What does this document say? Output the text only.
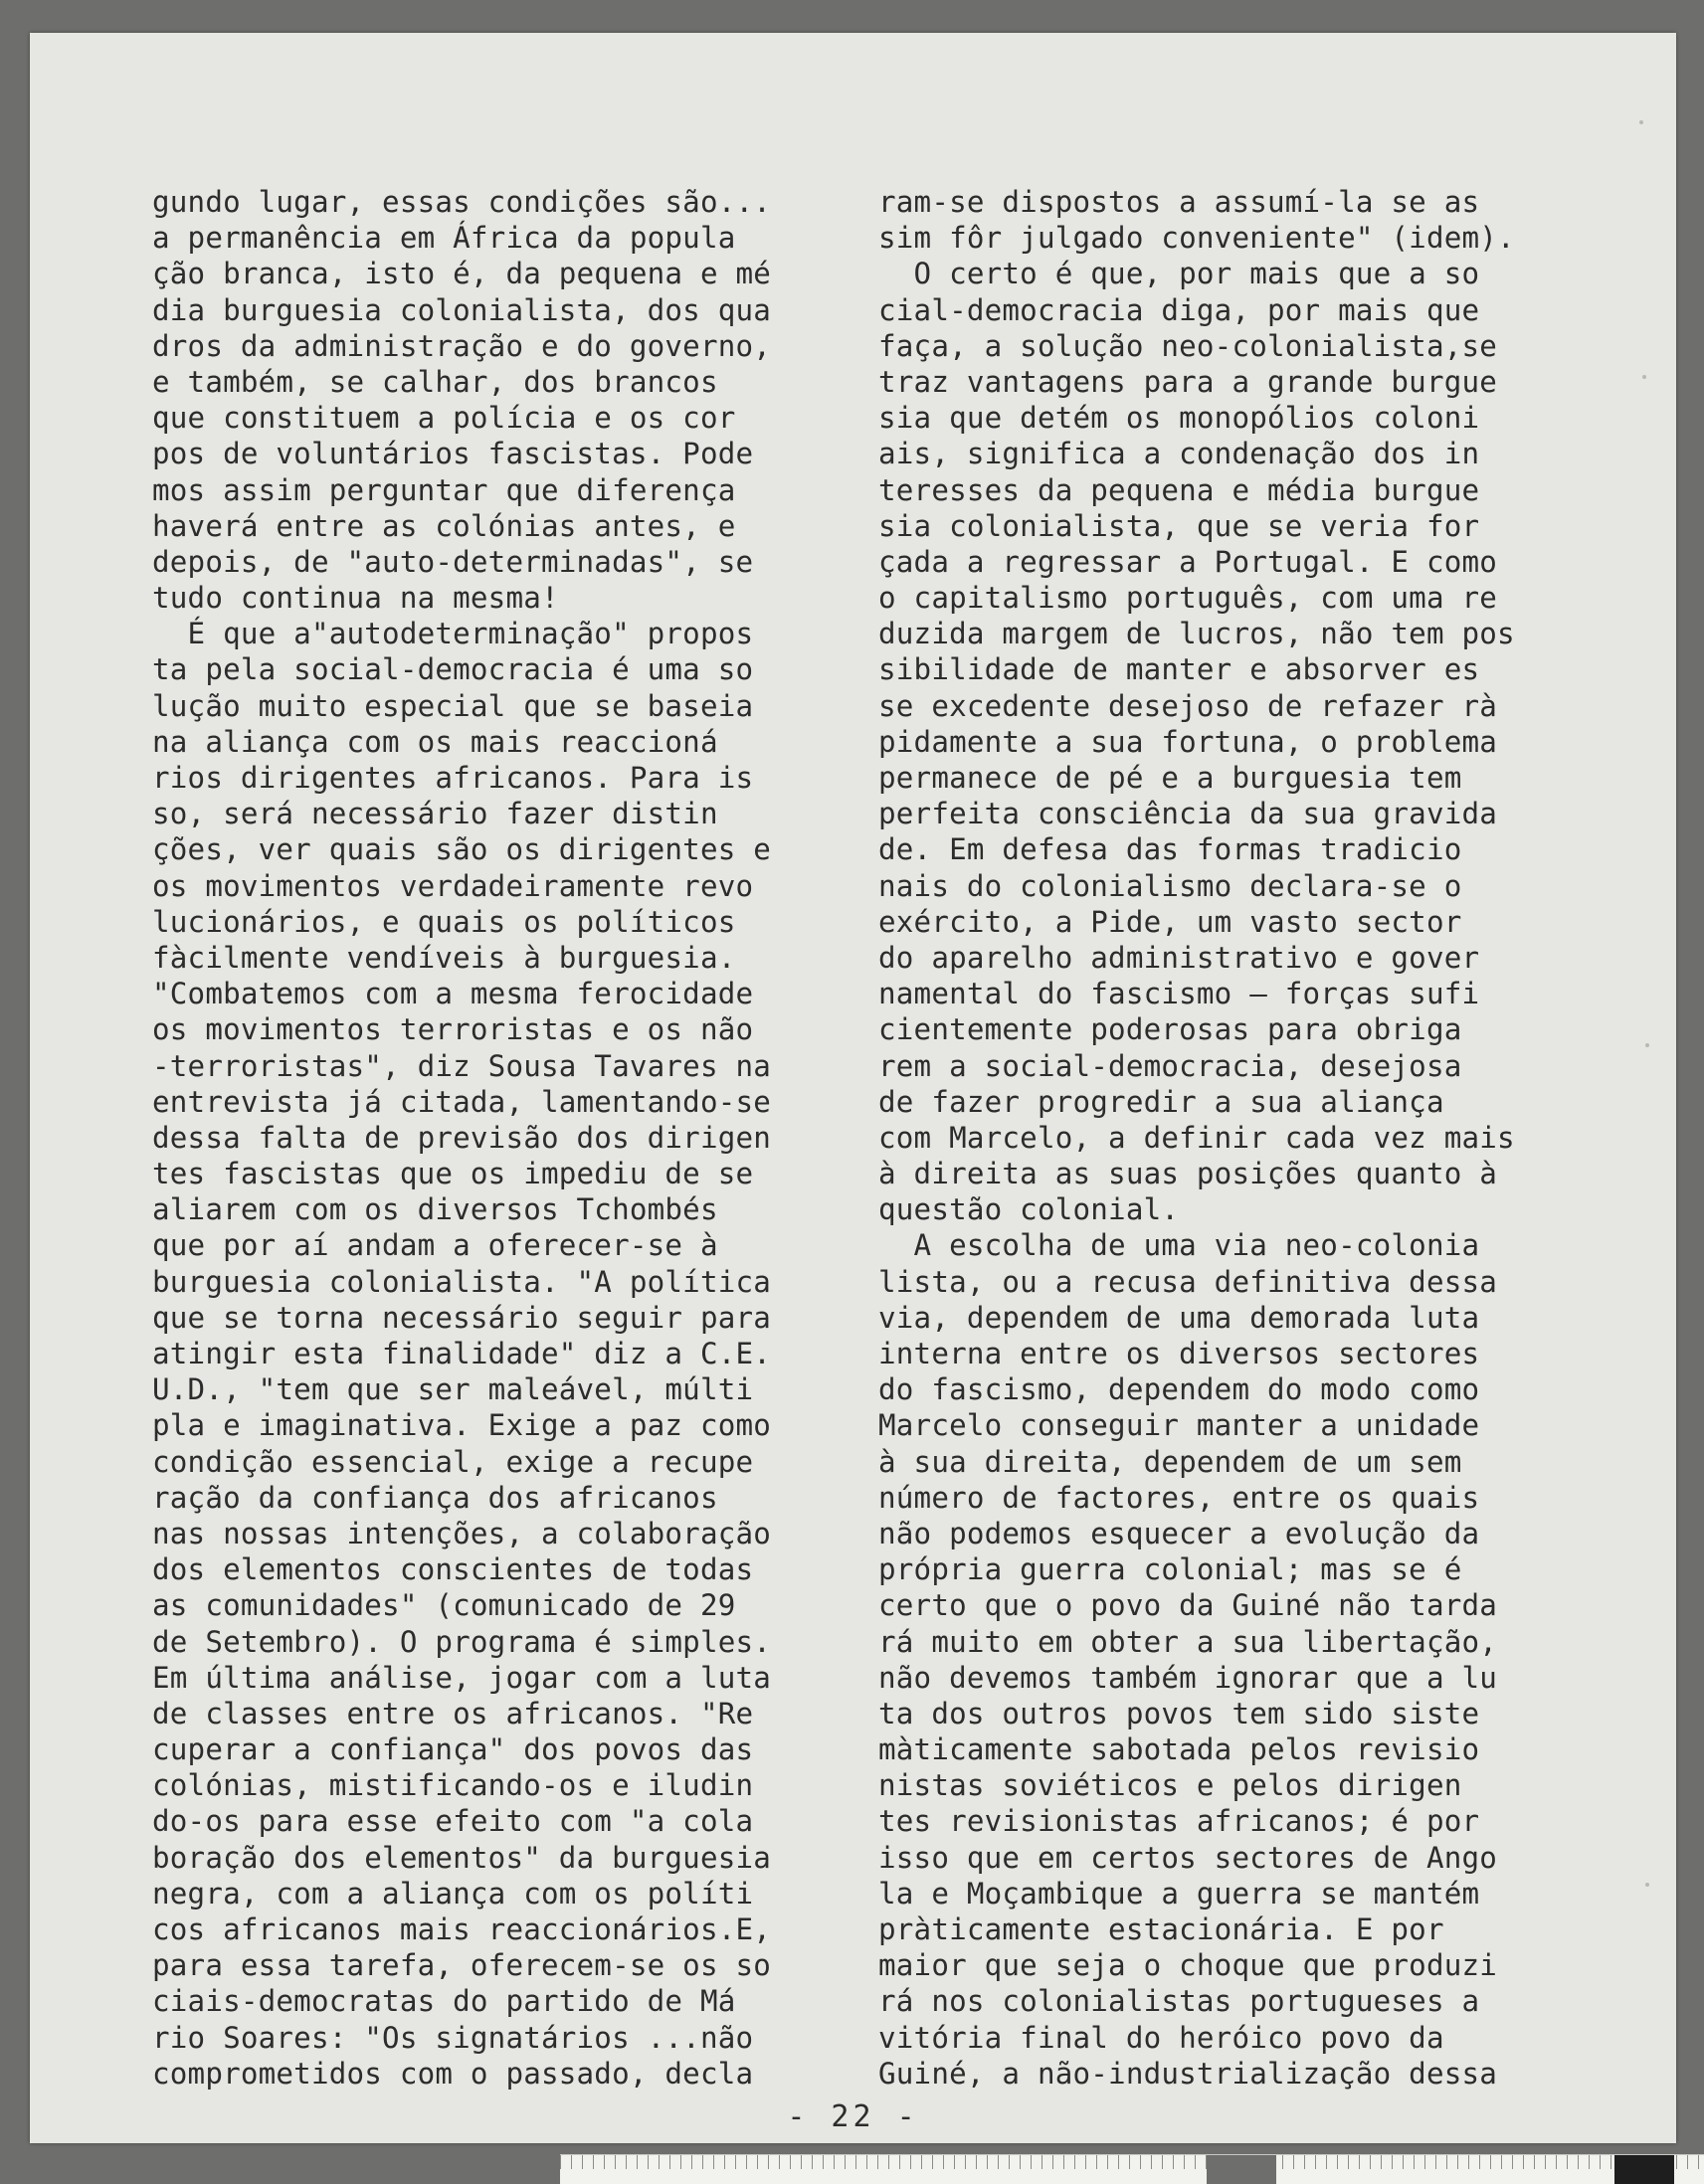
gundo lugar, essas condições são...
a permanência em África da popula
ção branca, isto é, da pequena e mé
dia burguesia colonialista, dos qua
dros da administração e do governo,
e também, se calhar, dos brancos
que constituem a polícia e os cor
pos de voluntários fascistas. Pode
mos assim perguntar que diferença
haverá entre as colónias antes, e
depois, de "auto-determinadas", se
tudo continua na mesma!
É que a"autodeterminação" propos
ta pela social-democracia é uma so
lução muito especial que se baseia
na aliança com os mais reaccioná
rios dirigentes africanos. Para is
so, será necessário fazer distin
ções, ver quais são os dirigentes e
os movimentos verdadeiramente revo
lucionários, e quais os políticos
fàcilmente vendíveis à burguesia.
"Combatemos com a mesma ferocidade
os movimentos terroristas e os não
-terroristas", diz Sousa Tavares na
entrevista já citada, lamentando-se
dessa falta de previsão dos dirigen
tes fascistas que os impediu de se
aliarem com os diversos Tchombés
que por aí andam a oferecer-se à
burguesia colonialista. "A política
que se torna necessário seguir para
atingir esta finalidade" diz a C.E.
U.D., "tem que ser maleável, múlti
pla e imaginativa. Exige a paz como
condição essencial, exige a recupe
ração da confiança dos africanos
nas nossas intenções, a colaboração
dos elementos conscientes de todas
as comunidades" (comunicado de 29
de Setembro). O programa é simples.
Em última análise, jogar com a luta
de classes entre os africanos. "Re
cuperar a confiança" dos povos das
colónias, mistificando-os e iludin
do-os para esse efeito com "a cola
boração dos elementos" da burguesia
negra, com a aliança com os políti
cos africanos mais reaccionários.E,
para essa tarefa, oferecem-se os so
ciais-democratas do partido de Má
rio Soares: "Os signatários ...não
comprometidos com o passado, decla
ram-se dispostos a assumí-la se as
sim fôr julgado conveniente" (idem).
O certo é que, por mais que a so
cial-democracia diga, por mais que
faça, a solução neo-colonialista,se
traz vantagens para a grande burgue
sia que detém os monopólios coloni
ais, significa a condenação dos in
teresses da pequena e média burgue
sia colonialista, que se veria for
çada a regressar a Portugal. E como
o capitalismo português, com uma re
duzida margem de lucros, não tem pos
sibilidade de manter e absorver es
se excedente desejoso de refazer rà
pidamente a sua fortuna, o problema
permanece de pé e a burguesia tem
perfeita consciência da sua gravida
de. Em defesa das formas tradicio
nais do colonialismo declara-se o
exército, a Pide, um vasto sector
do aparelho administrativo e gover
namental do fascismo — forças sufi
cientemente poderosas para obriga
rem a social-democracia, desejosa
de fazer progredir a sua aliança
com Marcelo, a definir cada vez mais
à direita as suas posições quanto à
questão colonial.
A escolha de uma via neo-colonia
lista, ou a recusa definitiva dessa
via, dependem de uma demorada luta
interna entre os diversos sectores
do fascismo, dependem do modo como
Marcelo conseguir manter a unidade
à sua direita, dependem de um sem
número de factores, entre os quais
não podemos esquecer a evolução da
própria guerra colonial; mas se é
certo que o povo da Guiné não tarda
rá muito em obter a sua libertação,
não devemos também ignorar que a lu
ta dos outros povos tem sido siste
màticamente sabotada pelos revisio
nistas soviéticos e pelos dirigen
tes revisionistas africanos; é por
isso que em certos sectores de Ango
la e Moçambique a guerra se mantém
pràticamente estacionária. E por
maior que seja o choque que produzi
rá nos colonialistas portugueses a
vitória final do heróico povo da
Guiné, a não-industrialização dessa
- 22 -
